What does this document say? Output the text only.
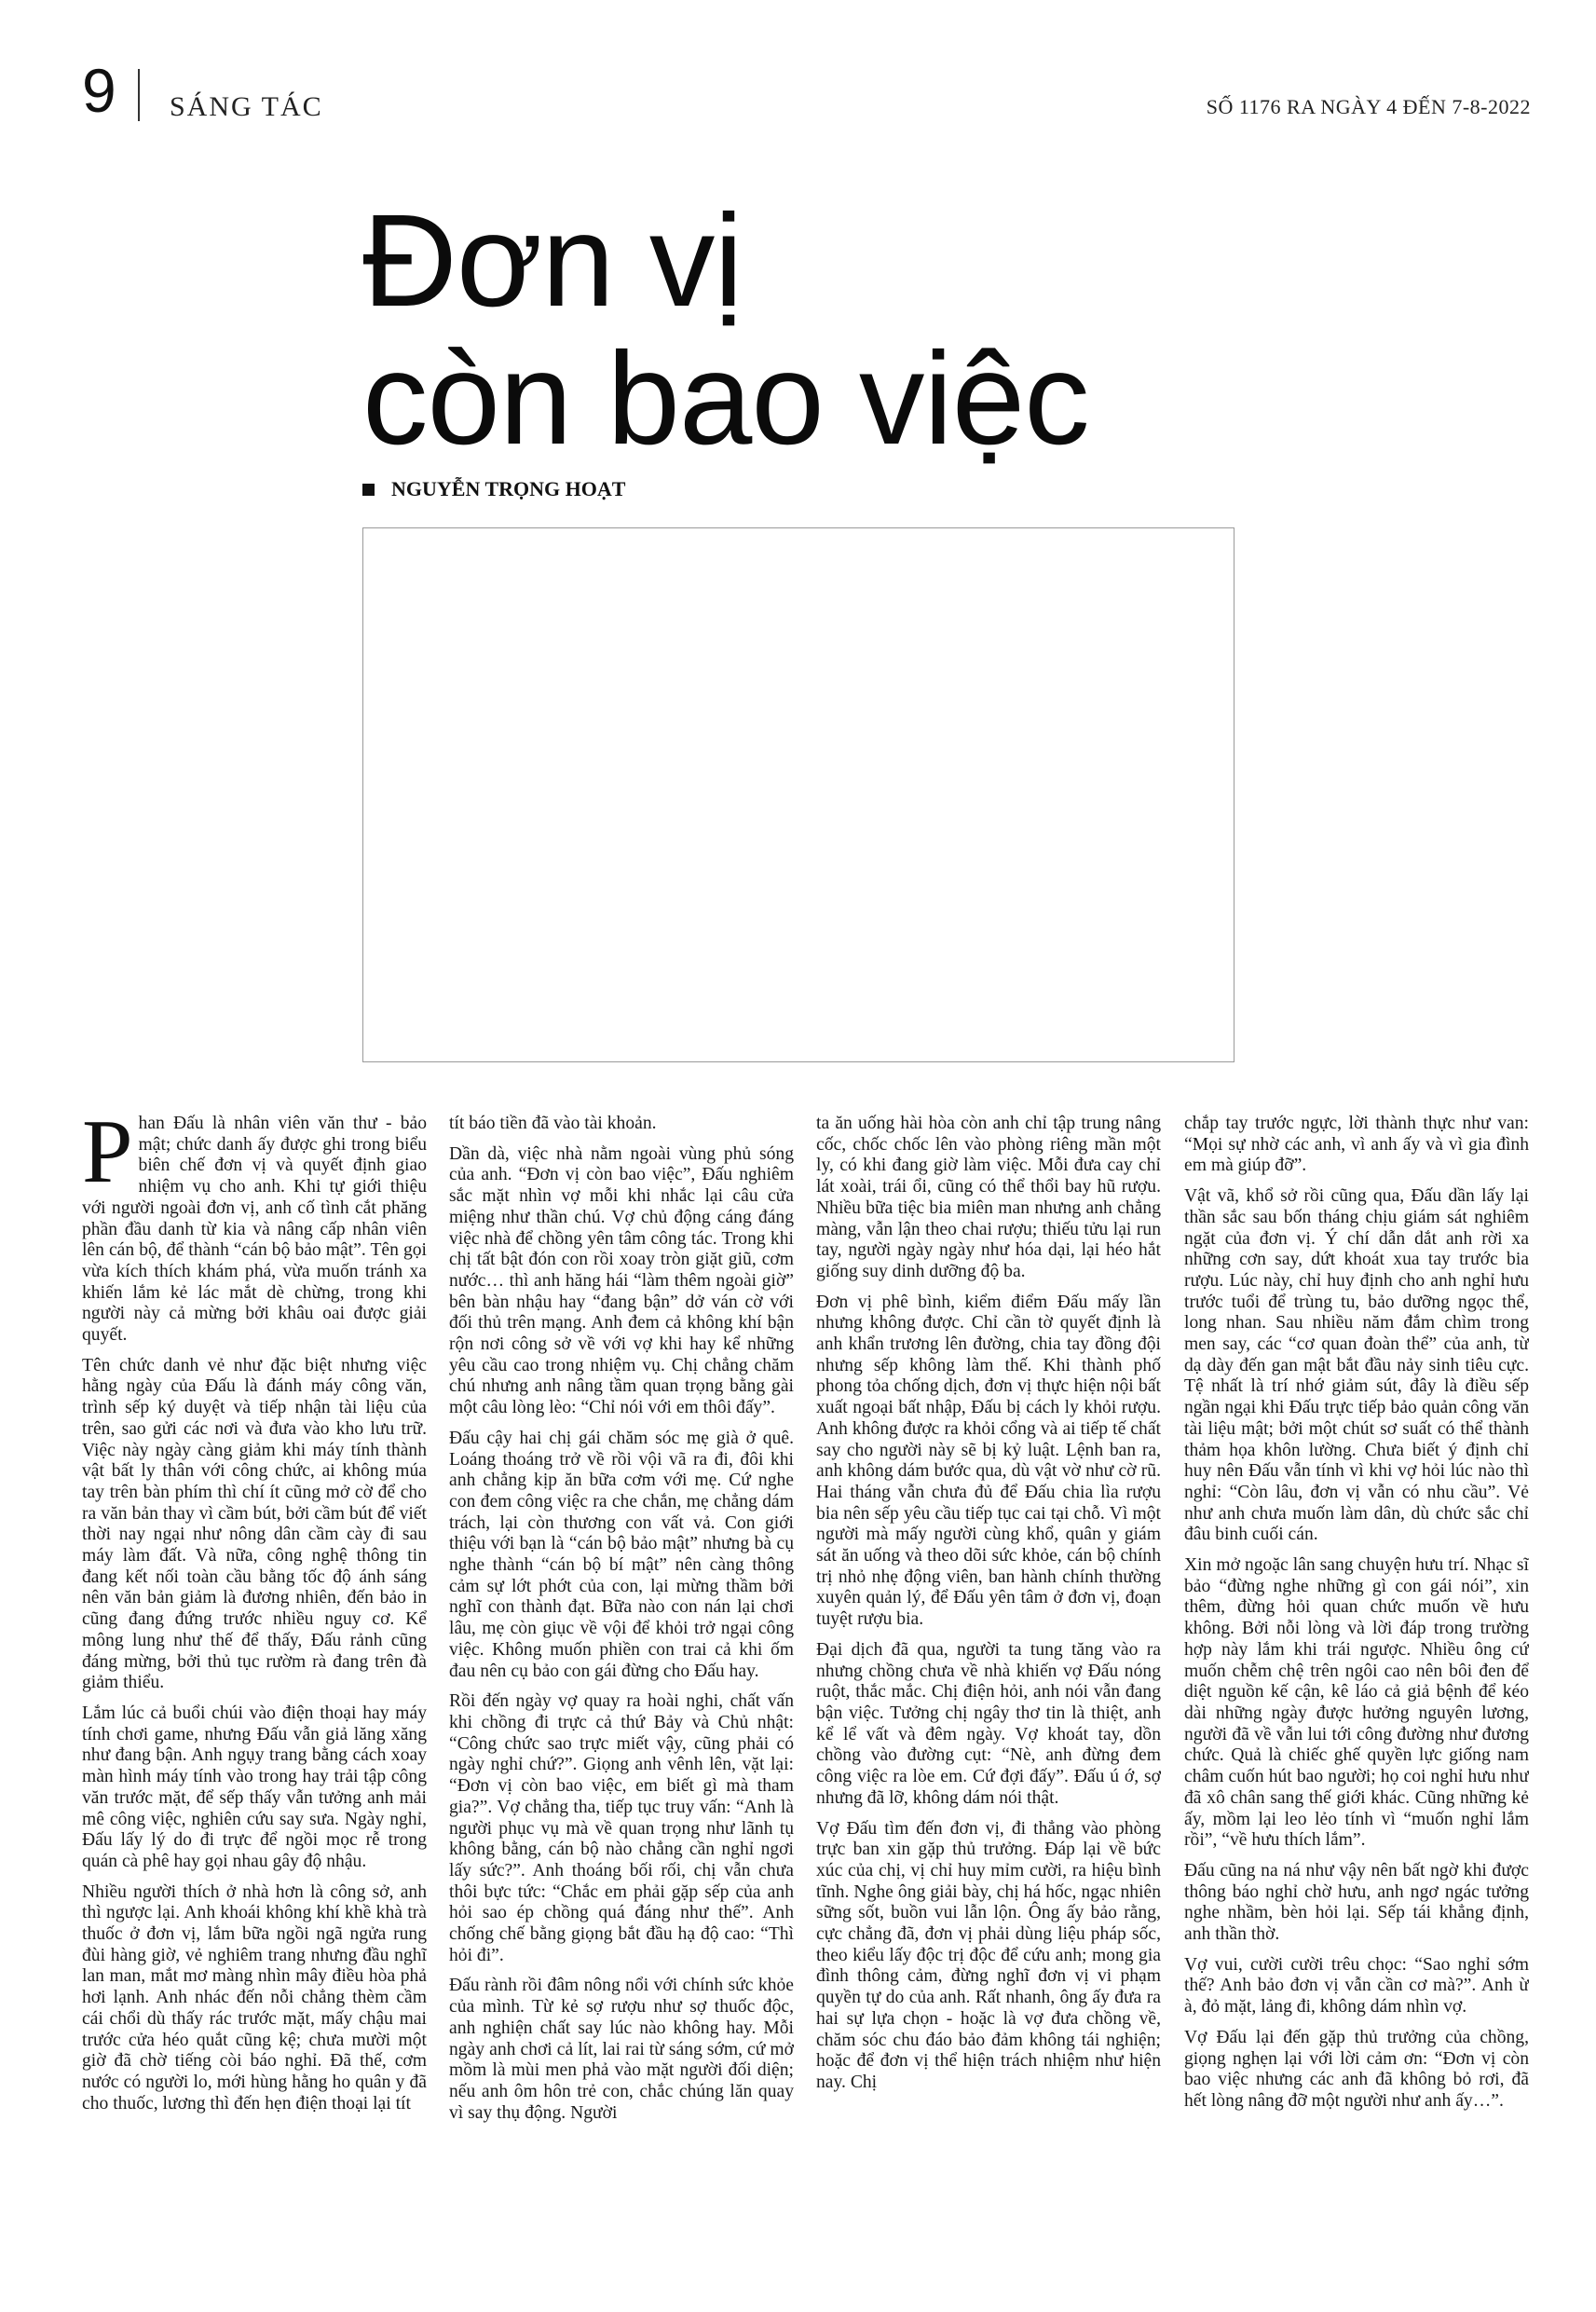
9 SÁNG TÁC	SỐ 1176 RA NGÀY 4 ĐẾN 7-8-2022
Đơn vị
còn bao việc
NGUYỄN TRỌNG HOẠT

Phan Đấu là nhân viên văn thư - bảo mật; chức danh ấy được ghi trong biểu biên chế đơn vị và quyết định giao nhiệm vụ cho anh. Khi tự giới thiệu với người ngoài đơn vị, anh cố tình cắt phăng phần đầu danh từ kia và nâng cấp nhân viên lên cán bộ, để thành “cán bộ bảo mật”. Tên gọi vừa kích thích khám phá, vừa muốn tránh xa khiến lắm kẻ lác mắt dè chừng, trong khi người này cả mừng bởi khâu oai được giải quyết.

Tên chức danh vẻ như đặc biệt nhưng việc hằng ngày của Đấu là đánh máy công văn, trình sếp ký duyệt và tiếp nhận tài liệu của trên, sao gửi các nơi và đưa vào kho lưu trữ. Việc này ngày càng giảm khi máy tính thành vật bất ly thân với công chức, ai không múa tay trên bàn phím thì chí ít cũng mở cờ để cho ra văn bản thay vì cầm bút, bởi cầm bút để viết thời nay ngại như nông dân cầm cày đi sau máy làm đất. Và nữa, công nghệ thông tin đang kết nối toàn cầu bằng tốc độ ánh sáng nên văn bản giảm là đương nhiên, đến bảo in cũng đang đứng trước nhiều nguy cơ. Kể mông lung như thế để thấy, Đấu rảnh cũng đáng mừng, bởi thủ tục rườm rà đang trên đà giảm thiểu.

Lắm lúc cả buổi chúi vào điện thoại hay máy tính chơi game, nhưng Đấu vẫn giả lăng xăng như đang bận. Anh ngụy trang bằng cách xoay màn hình máy tính vào trong hay trải tập công văn trước mặt, để sếp thấy vẫn tưởng anh mải mê công việc, nghiên cứu say sưa. Ngày nghỉ, Đấu lấy lý do đi trực để ngồi mọc rễ trong quán cà phê hay gọi nhau gây độ nhậu.

Nhiều người thích ở nhà hơn là công sở, anh thì ngược lại. Anh khoái không khí khề khà trà thuốc ở đơn vị, lắm bữa ngồi ngã ngửa rung đùi hàng giờ, vẻ nghiêm trang nhưng đầu nghĩ lan man, mắt mơ màng nhìn mây điều hòa phả hơi lạnh. Anh nhác đến nỗi chẳng thèm cầm cái chổi dù thấy rác trước mặt, mấy chậu mai trước cửa héo quắt cũng kệ; chưa mười một giờ đã chờ tiếng còi báo nghỉ. Đã thế, cơm nước có người lo, mới hùng hằng ho quân y đã cho thuốc, lương thì đến hẹn điện thoại lại tít

tít báo tiền đã vào tài khoản.

Dần dà, việc nhà nằm ngoài vùng phủ sóng của anh. “Đơn vị còn bao việc”, Đấu nghiêm sắc mặt nhìn vợ mỗi khi nhắc lại câu cửa miệng như thần chú. Vợ chủ động cáng đáng việc nhà để chồng yên tâm công tác. Trong khi chị tất bật đón con rồi xoay tròn giặt giũ, cơm nước… thì anh hăng hái “làm thêm ngoài giờ” bên bàn nhậu hay “đang bận” dở ván cờ với đối thủ trên mạng. Anh đem cả không khí bận rộn nơi công sở về với vợ khi hay kể những yêu cầu cao trong nhiệm vụ. Chị chẳng chăm chú nhưng anh nâng tầm quan trọng bằng gài một câu lòng lèo: “Chỉ nói với em thôi đấy”.

Đấu cậy hai chị gái chăm sóc mẹ già ở quê. Loáng thoáng trở về rồi vội vã ra đi, đôi khi anh chẳng kịp ăn bữa cơm với mẹ. Cứ nghe con đem công việc ra che chắn, mẹ chẳng dám trách, lại còn thương con vất vả. Con giới thiệu với bạn là “cán bộ bảo mật” nhưng bà cụ nghe thành “cán bộ bí mật” nên càng thông cảm sự lớt phớt của con, lại mừng thầm bởi nghĩ con thành đạt. Bữa nào con nán lại chơi lâu, mẹ còn giục về vội để khỏi trở ngại công việc. Không muốn phiền con trai cả khi ốm đau nên cụ bảo con gái đừng cho Đấu hay.

Rồi đến ngày vợ quay ra hoài nghi, chất vấn khi chồng đi trực cả thứ Bảy và Chủ nhật: “Công chức sao trực miết vậy, cũng phải có ngày nghỉ chứ?”. Giọng anh vênh lên, vặt lại: “Đơn vị còn bao việc, em biết gì mà tham gia?”. Vợ chẳng tha, tiếp tục truy vấn: “Anh là người phục vụ mà về quan trọng như lãnh tụ không bằng, cán bộ nào chẳng cần nghỉ ngơi lấy sức?”. Anh thoáng bối rối, chị vẫn chưa thôi bực tức: “Chắc em phải gặp sếp của anh hỏi sao ép chồng quá đáng như thế”. Anh chống chế bằng giọng bắt đầu hạ độ cao: “Thì hỏi đi”.

Đấu rành rồi đâm nông nổi với chính sức khỏe của mình. Từ kẻ sợ rượu như sợ thuốc độc, anh nghiện chất say lúc nào không hay. Mỗi ngày anh chơi cả lít, lai rai từ sáng sớm, cứ mở mồm là mùi men phả vào mặt người đối diện; nếu anh ôm hôn trẻ con, chắc chúng lăn quay vì say thụ động. Người

ta ăn uống hài hòa còn anh chỉ tập trung nâng cốc, chốc chốc lên vào phòng riêng mần một ly, có khi đang giờ làm việc. Mỗi đưa cay chỉ lát xoài, trái ổi, cũng có thể thổi bay hũ rượu. Nhiều bữa tiệc bia miên man nhưng anh chẳng màng, vẫn lận theo chai rượu; thiếu tửu lại run tay, người ngày ngày như hóa dại, lại héo hắt giống suy dinh dưỡng độ ba.

Đơn vị phê bình, kiểm điểm Đấu mấy lần nhưng không được. Chỉ cần tờ quyết định là anh khẩn trương lên đường, chia tay đồng đội nhưng sếp không làm thế. Khi thành phố phong tỏa chống dịch, đơn vị thực hiện nội bất xuất ngoại bất nhập, Đấu bị cách ly khỏi rượu. Anh không được ra khỏi cổng và ai tiếp tế chất say cho người này sẽ bị kỷ luật. Lệnh ban ra, anh không dám bước qua, dù vật vờ như cờ rũ. Hai tháng vẫn chưa đủ để Đấu chia lìa rượu bia nên sếp yêu cầu tiếp tục cai tại chỗ. Vì một người mà mấy người cùng khổ, quân y giám sát ăn uống và theo dõi sức khỏe, cán bộ chính trị nhỏ nhẹ động viên, ban hành chính thường xuyên quản lý, để Đấu yên tâm ở đơn vị, đoạn tuyệt rượu bia.

Đại dịch đã qua, người ta tung tăng vào ra nhưng chồng chưa về nhà khiến vợ Đấu nóng ruột, thắc mắc. Chị điện hỏi, anh nói vẫn đang bận việc. Tưởng chị ngây thơ tin là thiệt, anh kể lể vất và đêm ngày. Vợ khoát tay, dồn chồng vào đường cụt: “Nè, anh đừng đem công việc ra lòe em. Cứ đợi đấy”. Đấu ú ớ, sợ nhưng đã lỡ, không dám nói thật.

Vợ Đấu tìm đến đơn vị, đi thẳng vào phòng trực ban xin gặp thủ trưởng. Đáp lại về bức xúc của chị, vị chỉ huy mỉm cười, ra hiệu bình tĩnh. Nghe ông giải bày, chị há hốc, ngạc nhiên sững sốt, buồn vui lẫn lộn. Ông ấy bảo rằng, cực chẳng đã, đơn vị phải dùng liệu pháp sốc, theo kiểu lấy độc trị độc để cứu anh; mong gia đình thông cảm, đừng nghĩ đơn vị vi phạm quyền tự do của anh. Rất nhanh, ông ấy đưa ra hai sự lựa chọn - hoặc là vợ đưa chồng về, chăm sóc chu đáo bảo đảm không tái nghiện; hoặc để đơn vị thể hiện trách nhiệm như hiện nay. Chị

chắp tay trước ngực, lời thành thực như van: “Mọi sự nhờ các anh, vì anh ấy và vì gia đình em mà giúp đỡ”.

Vật vã, khổ sở rồi cũng qua, Đấu dần lấy lại thần sắc sau bốn tháng chịu giám sát nghiêm ngặt của đơn vị. Ý chí dẫn dắt anh rời xa những cơn say, dứt khoát xua tay trước bia rượu. Lúc này, chỉ huy định cho anh nghỉ hưu trước tuổi để trùng tu, bảo dưỡng ngọc thể, long nhan. Sau nhiều năm đắm chìm trong men say, các “cơ quan đoàn thể” của anh, từ dạ dày đến gan mật bắt đầu nảy sinh tiêu cực. Tệ nhất là trí nhớ giảm sút, đây là điều sếp ngần ngại khi Đấu trực tiếp bảo quản công văn tài liệu mật; bởi một chút sơ suất có thể thành thảm họa khôn lường. Chưa biết ý định chỉ huy nên Đấu vẫn tính vì khi vợ hỏi lúc nào thì nghỉ: “Còn lâu, đơn vị vẫn có nhu cầu”. Vẻ như anh chưa muốn làm dân, dù chức sắc chỉ đâu binh cuối cán.

Xin mở ngoặc lân sang chuyện hưu trí. Nhạc sĩ bảo “đừng nghe những gì con gái nói”, xin thêm, đừng hỏi quan chức muốn về hưu không. Bởi nỗi lòng và lời đáp trong trường hợp này lắm khi trái ngược. Nhiều ông cứ muốn chễm chệ trên ngôi cao nên bôi đen để diệt nguồn kế cận, kê láo cả giả bệnh để kéo dài những ngày được hưởng nguyên lương, người đã về vẫn lui tới công đường như đương chức. Quả là chiếc ghế quyền lực giống nam châm cuốn hút bao người; họ coi nghỉ hưu như đã xô chân sang thế giới khác. Cũng những kẻ ấy, mồm lại leo lẻo tính vì “muốn nghỉ lắm rồi”, “về hưu thích lắm”.

Đấu cũng na ná như vậy nên bất ngờ khi được thông báo nghỉ chờ hưu, anh ngơ ngác tưởng nghe nhầm, bèn hỏi lại. Sếp tái khẳng định, anh thần thờ.

Vợ vui, cười cười trêu chọc: “Sao nghỉ sớm thế? Anh bảo đơn vị vẫn cần cơ mà?”. Anh ừ à, đỏ mặt, lảng đi, không dám nhìn vợ.

Vợ Đấu lại đến gặp thủ trưởng của chồng, giọng nghẹn lại với lời cảm ơn: “Đơn vị còn bao việc nhưng các anh đã không bỏ rơi, đã hết lòng nâng đỡ một người như anh ấy…”.
